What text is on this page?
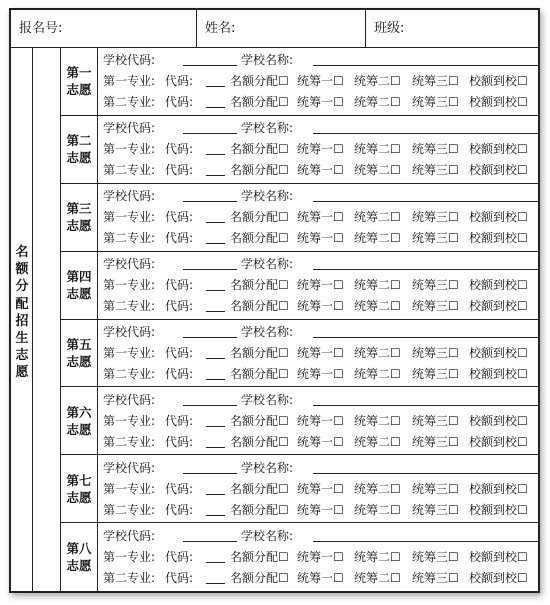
报名号:	姓名:	班级:
名额分配招生志愿
第一志愿
学校代码:	学校名称:
第一专业: 代码:	名额分配☐ 统筹一☐ 统筹二☐ 统筹三☐ 校额到校☐
第二专业: 代码:	名额分配☐ 统筹一☐ 统筹二☐ 统筹三☐ 校额到校☐
第二志愿
学校代码:	学校名称:
第一专业: 代码:	名额分配☐ 统筹一☐ 统筹二☐ 统筹三☐ 校额到校☐
第二专业: 代码:	名额分配☐ 统筹一☐ 统筹二☐ 统筹三☐ 校额到校☐
第三志愿
学校代码:	学校名称:
第一专业: 代码:	名额分配☐ 统筹一☐ 统筹二☐ 统筹三☐ 校额到校☐
第二专业: 代码:	名额分配☐ 统筹一☐ 统筹二☐ 统筹三☐ 校额到校☐
第四志愿
学校代码:	学校名称:
第一专业: 代码:	名额分配☐ 统筹一☐ 统筹二☐ 统筹三☐ 校额到校☐
第二专业: 代码:	名额分配☐ 统筹一☐ 统筹二☐ 统筹三☐ 校额到校☐
第五志愿
学校代码:	学校名称:
第一专业: 代码:	名额分配☐ 统筹一☐ 统筹二☐ 统筹三☐ 校额到校☐
第二专业: 代码:	名额分配☐ 统筹一☐ 统筹二☐ 统筹三☐ 校额到校☐
第六志愿
学校代码:	学校名称:
第一专业: 代码:	名额分配☐ 统筹一☐ 统筹二☐ 统筹三☐ 校额到校☐
第二专业: 代码:	名额分配☐ 统筹一☐ 统筹二☐ 统筹三☐ 校额到校☐
第七志愿
学校代码:	学校名称:
第一专业: 代码:	名额分配☐ 统筹一☐ 统筹二☐ 统筹三☐ 校额到校☐
第二专业: 代码:	名额分配☐ 统筹一☐ 统筹二☐ 统筹三☐ 校额到校☐
第八志愿
学校代码:	学校名称:
第一专业: 代码:	名额分配☐ 统筹一☐ 统筹二☐ 统筹三☐ 校额到校☐
第二专业: 代码:	名额分配☐ 统筹一☐ 统筹二☐ 统筹三☐ 校额到校☐
